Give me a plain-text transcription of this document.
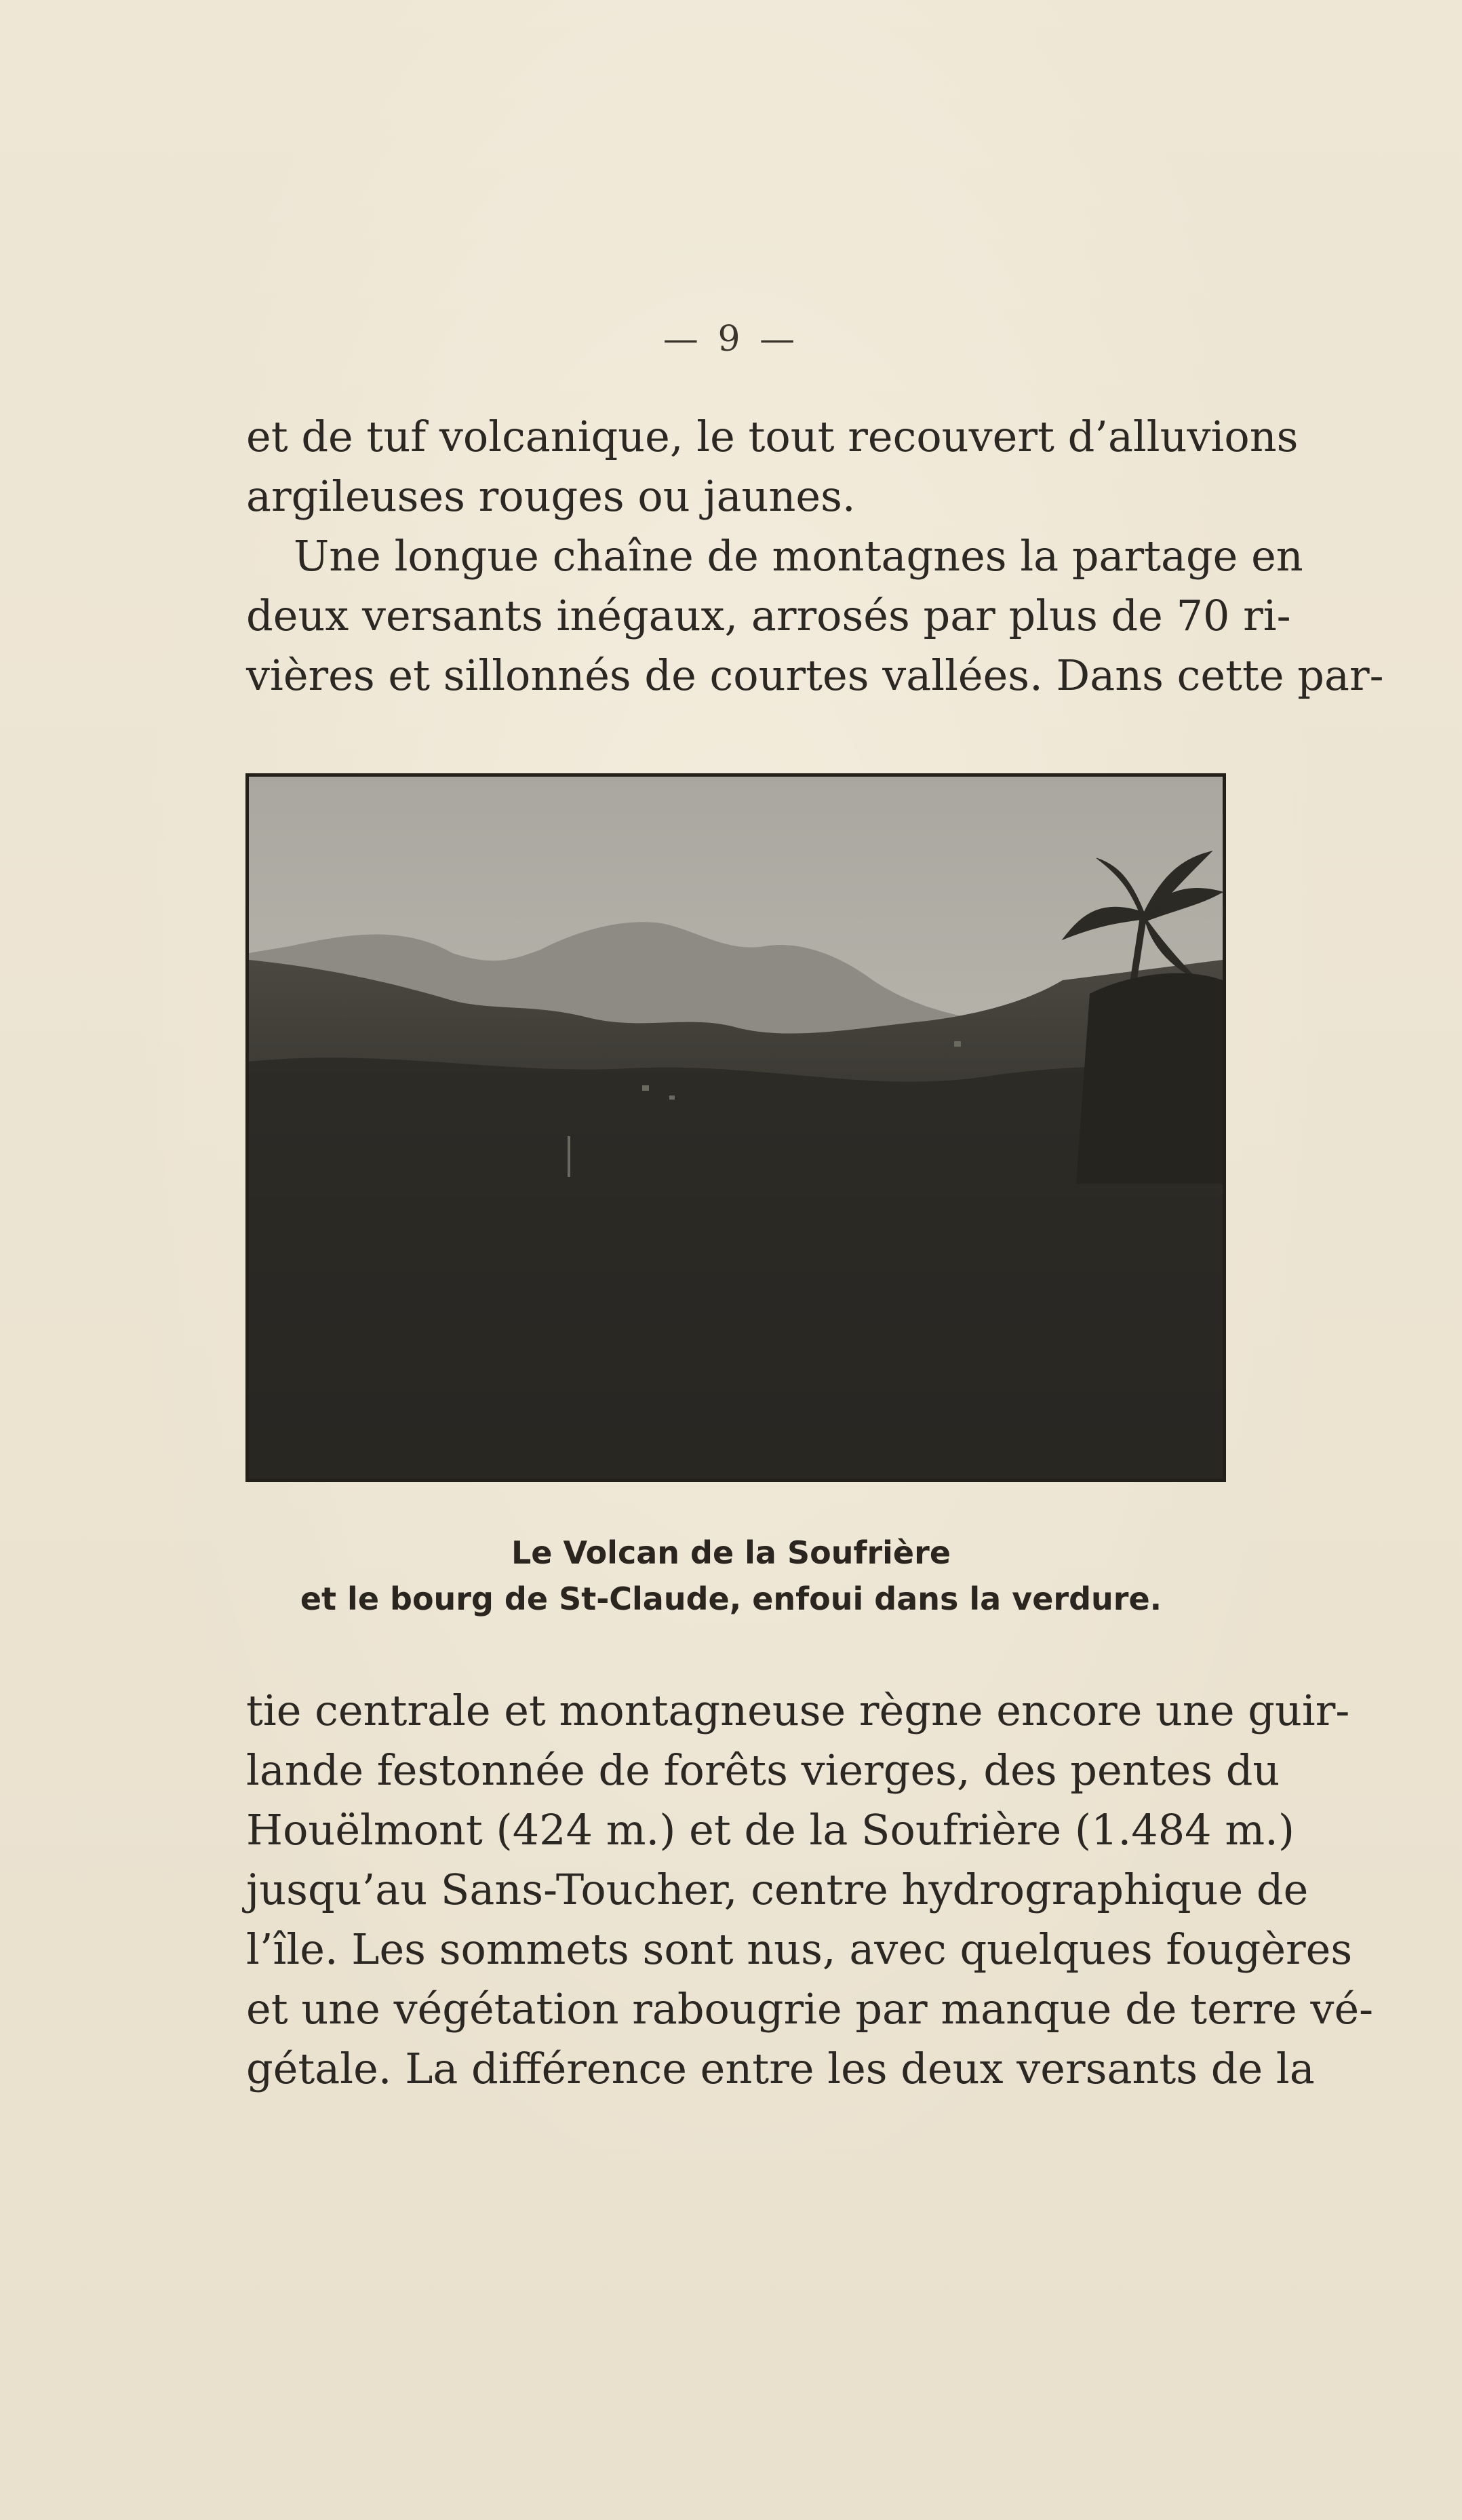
— 9 —
et de tuf volcanique, le tout recouvert d’alluvions
argileuses rouges ou jaunes.
Une longue chaîne de montagnes la partage en
deux versants inégaux, arrosés par plus de 70 ri-
vières et sillonnés de courtes vallées. Dans cette par-
Le Volcan de la Soufrière
et le bourg de St-Claude, enfoui dans la verdure.
tie centrale et montagneuse règne encore une guir-
lande festonnée de forêts vierges, des pentes du
Houëlmont (424 m.) et de la Soufrière (1.484 m.)
jusqu’au Sans-Toucher, centre hydrographique de
l’île. Les sommets sont nus, avec quelques fougères
et une végétation rabougrie par manque de terre vé-
gétale. La différence entre les deux versants de la
